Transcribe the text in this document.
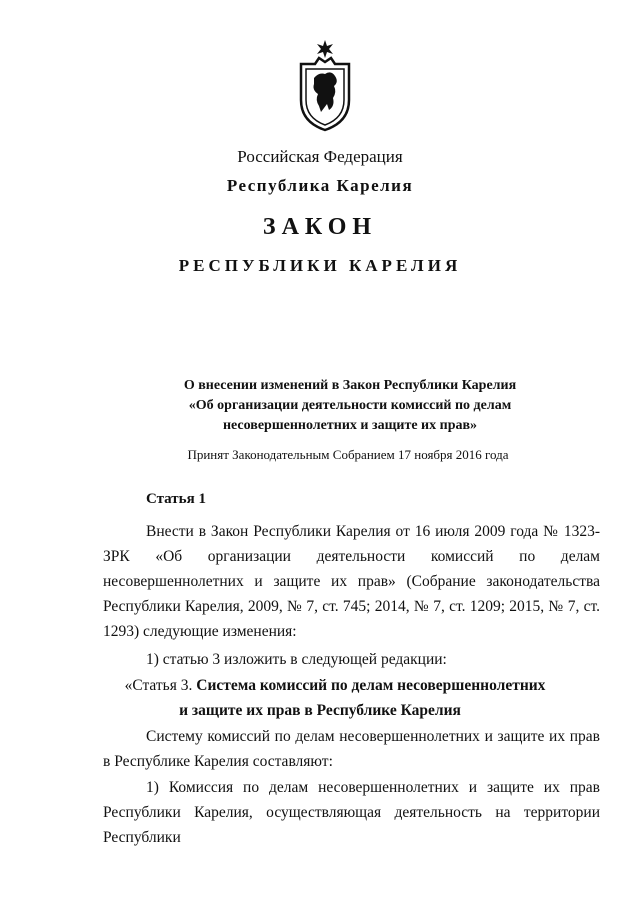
Российская Федерация
Республика Карелия
ЗАКОН
РЕСПУБЛИКИ КАРЕЛИЯ
О внесении изменений в Закон Республики Карелия
«Об организации деятельности комиссий по делам
несовершеннолетних и защите их прав»
Принят Законодательным Собранием 17 ноября 2016 года
Статья 1

Внести в Закон Республики Карелия от 16 июля 2009 года № 1323-ЗРК «Об организации деятельности комиссий по делам несовершеннолетних и защите их прав» (Собрание законодательства Республики Карелия, 2009, № 7, ст. 745; 2014, № 7, ст. 1209; 2015, № 7, ст. 1293) следующие изменения:

1) статью 3 изложить в следующей редакции:

«Статья 3. Система комиссий по делам несовершеннолетних
и защите их прав в Республике Карелия

Систему комиссий по делам несовершеннолетних и защите их прав в Республике Карелия составляют:

1) Комиссия по делам несовершеннолетних и защите их прав Республики Карелия, осуществляющая деятельность на территории Республики
